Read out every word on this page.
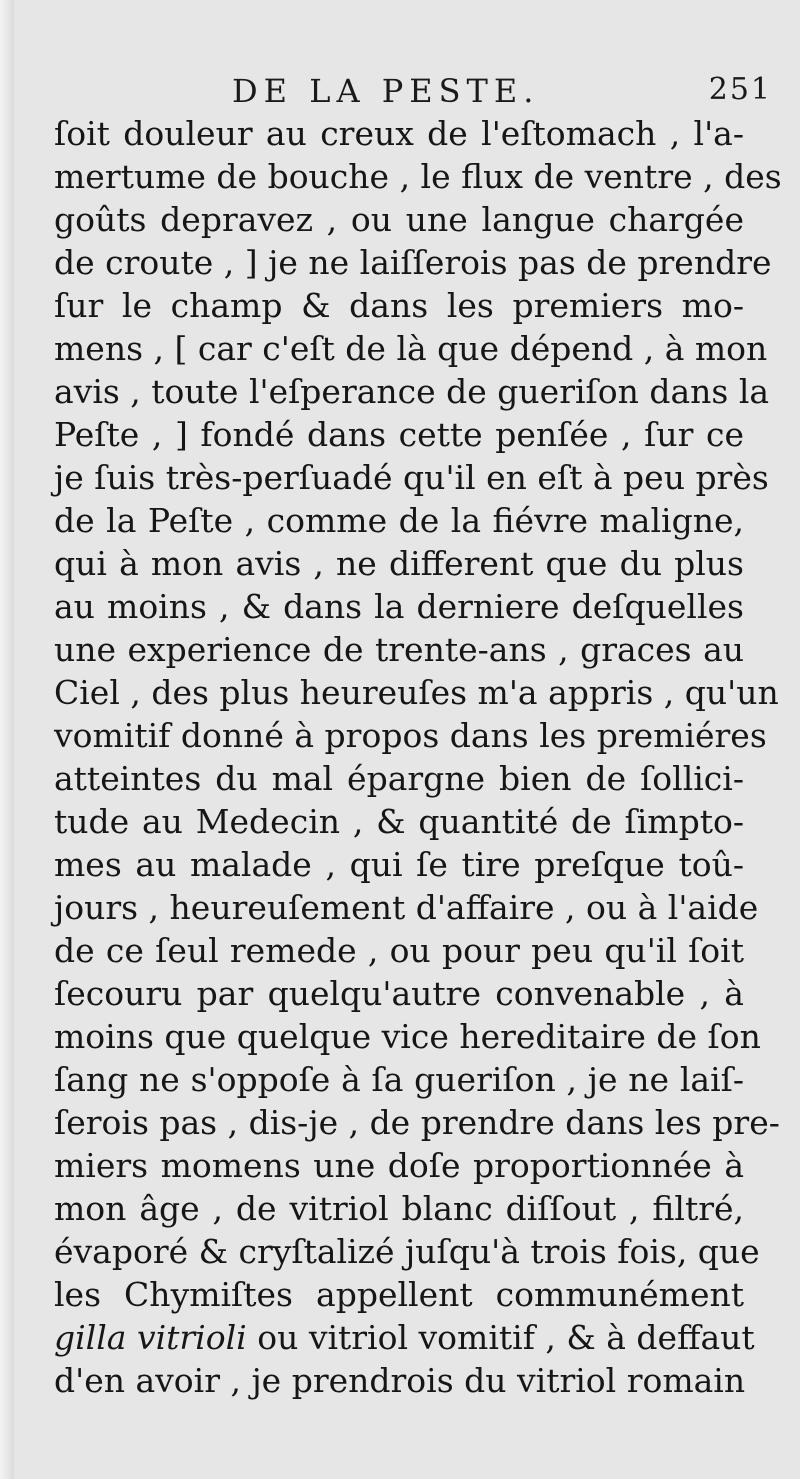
DE LA PESTE.	251
ſoit douleur au creux de l'eſtomach , l'a-
mertume de bouche , le flux de ventre , des
goûts depravez , ou une langue chargée
de croute , ] je ne laiſſerois pas de prendre
ſur le champ & dans les premiers mo-
mens , [ car c'eſt de là que dépend , à mon
avis , toute l'eſperance de gueriſon dans la
Peſte , ] fondé dans cette penſée , ſur ce
je ſuis très-perſuadé qu'il en eſt à peu près
de la Peſte , comme de la fiévre maligne,
qui à mon avis , ne different que du plus
au moins , & dans la derniere deſquelles
une experience de trente-ans , graces au
Ciel , des plus heureuſes m'a appris , qu'un
vomitif donné à propos dans les premiéres
atteintes du mal épargne bien de ſollici-
tude au Medecin , & quantité de ſimpto-
mes au malade , qui ſe tire preſque toû-
jours , heureuſement d'affaire , ou à l'aide
de ce ſeul remede , ou pour peu qu'il ſoit
ſecouru par quelqu'autre convenable , à
moins que quelque vice hereditaire de ſon
ſang ne s'oppoſe à ſa gueriſon , je ne laiſ-
ſerois pas , dis-je , de prendre dans les pre-
miers momens une doſe proportionnée à
mon âge , de vitriol blanc diſſout , filtré,
évaporé & cryſtalizé juſqu'à trois fois, que
les Chymiſtes appellent communément
gilla vitrioli ou vitriol vomitif , & à deffaut
d'en avoir , je prendrois du vitriol romain
